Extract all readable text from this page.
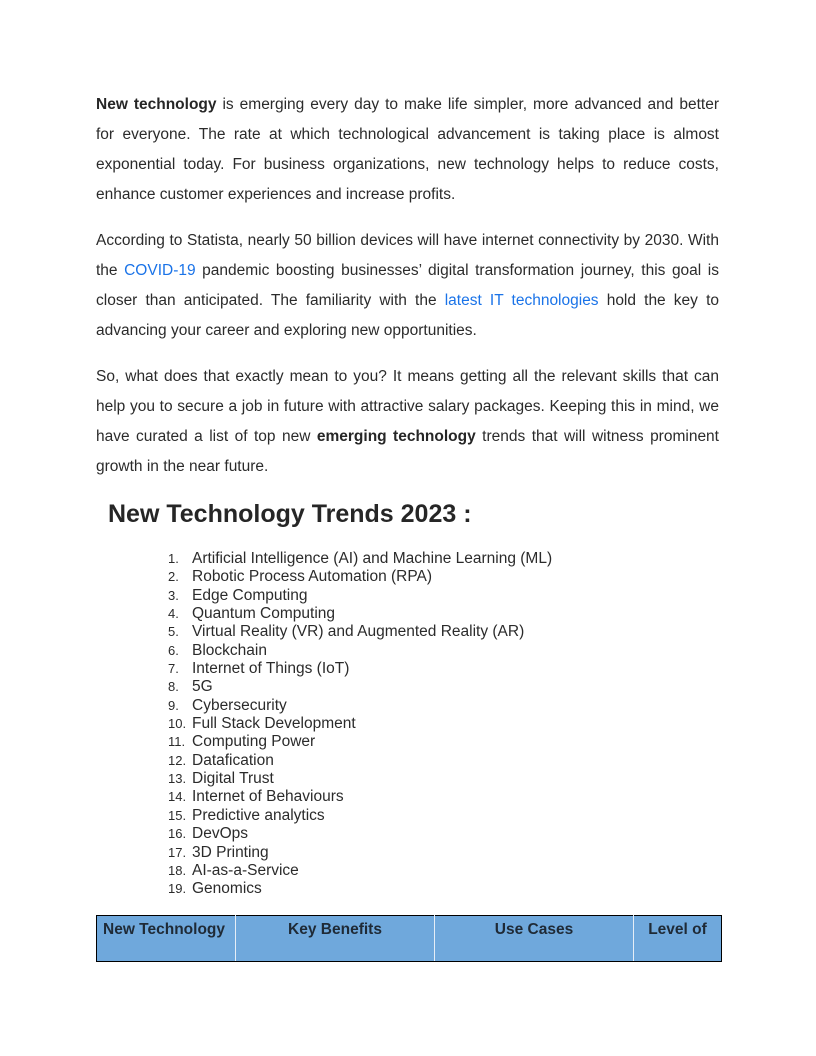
New technology is emerging every day to make life simpler, more advanced and better for everyone. The rate at which technological advancement is taking place is almost exponential today. For business organizations, new technology helps to reduce costs, enhance customer experiences and increase profits.

According to Statista, nearly 50 billion devices will have internet connectivity by 2030. With the COVID-19 pandemic boosting businesses’ digital transformation journey, this goal is closer than anticipated. The familiarity with the latest IT technologies hold the key to advancing your career and exploring new opportunities.

So, what does that exactly mean to you? It means getting all the relevant skills that can help you to secure a job in future with attractive salary packages. Keeping this in mind, we have curated a list of top new emerging technology trends that will witness prominent growth in the near future.

New Technology Trends 2023 :
1. Artificial Intelligence (AI) and Machine Learning (ML)
2. Robotic Process Automation (RPA)
3. Edge Computing
4. Quantum Computing
5. Virtual Reality (VR) and Augmented Reality (AR)
6. Blockchain
7. Internet of Things (IoT)
8. 5G
9. Cybersecurity
10. Full Stack Development
11. Computing Power
12. Datafication
13. Digital Trust
14. Internet of Behaviours
15. Predictive analytics
16. DevOps
17. 3D Printing
18. AI-as-a-Service
19. Genomics
New Technology	Key Benefits	Use Cases	Level of
